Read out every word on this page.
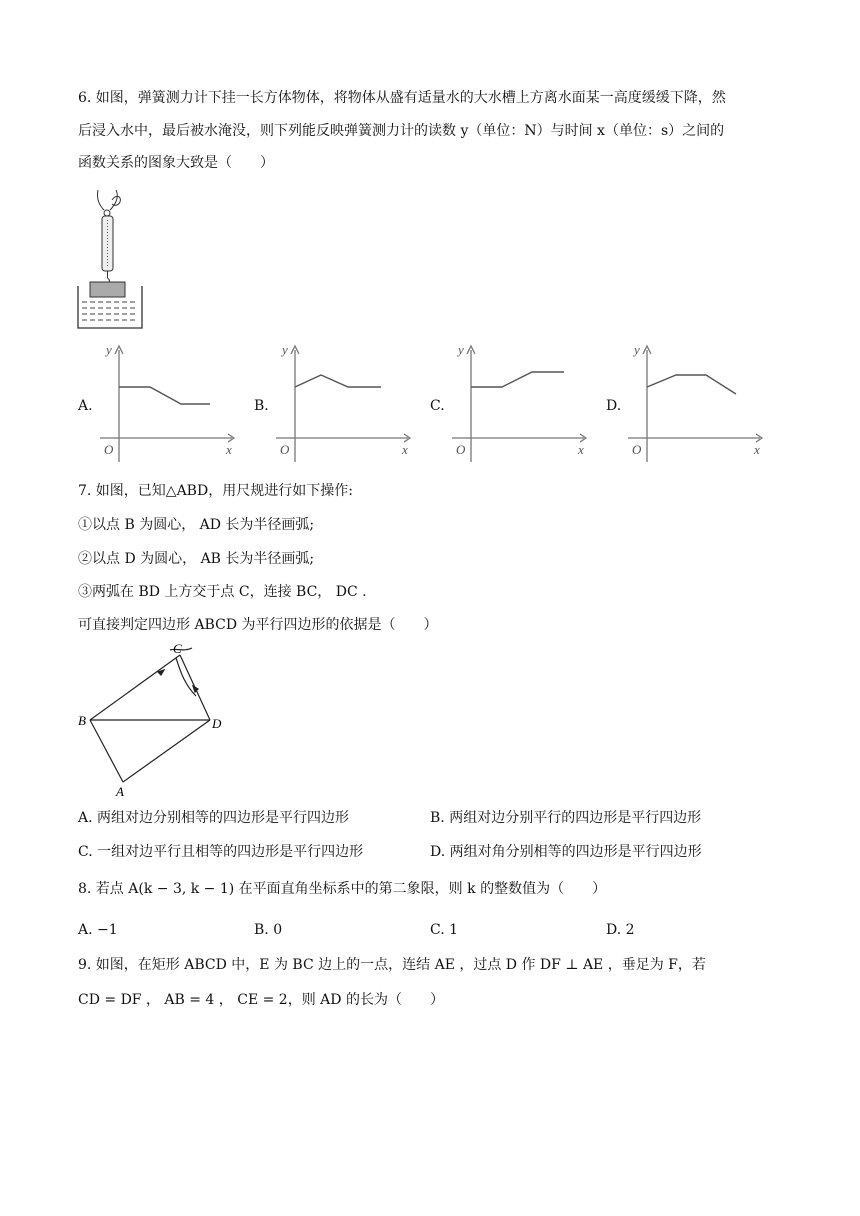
6. 如图，弹簧测力计下挂一长方体物体，将物体从盛有适量水的大水槽上方离水面某一高度缓缓下降，然
后浸入水中，最后被水淹没，则下列能反映弹簧测力计的读数 y（单位：N）与时间 x（单位：s）之间的
函数关系的图象大致是（　　）
A.
y
x
O
B.
y
x
O
C.
y
x
O
D.
y
x
O
7. 如图，已知△ABD，用尺规进行如下操作:
①以点 B 为圆心， AD 长为半径画弧;
②以点 D 为圆心， AB 长为半径画弧;
③两弧在 BD 上方交于点 C，连接 BC， DC .
可直接判定四边形 ABCD 为平行四边形的依据是（　　）
C
B	D
A
A. 两组对边分别相等的四边形是平行四边形	B. 两组对边分别平行的四边形是平行四边形
C. 一组对边平行且相等的四边形是平行四边形	D. 两组对角分别相等的四边形是平行四边形
8. 若点 A(k − 3, k − 1) 在平面直角坐标系中的第二象限，则 k 的整数值为（　　）
A. −1	B. 0	C. 1	D. 2
9. 如图，在矩形 ABCD 中，E 为 BC 边上的一点，连结 AE ，过点 D 作 DF ⊥ AE ，垂足为 F，若
CD = DF ， AB = 4 ， CE = 2，则 AD 的长为（　　）
